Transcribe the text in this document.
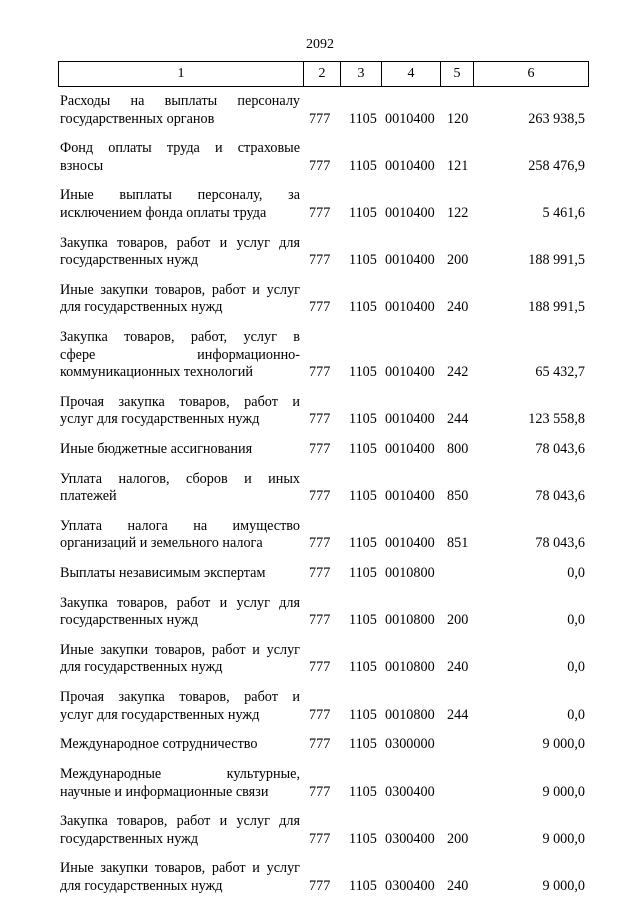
2092
1	2	3	4	5	6
Расходы на выплаты персоналу
государственных органов	777 1105 0010400 120	263 938,5
Фонд оплаты труда и страховые
взносы	777 1105 0010400 121	258 476,9
Иные выплаты персоналу, за
исключением фонда оплаты труда	777 1105 0010400 122	5 461,6
Закупка товаров, работ и услуг для
государственных нужд	777 1105 0010400 200	188 991,5
Иные закупки товаров, работ и услуг
для государственных нужд	777 1105 0010400 240	188 991,5
Закупка товаров, работ, услуг в
сфере информационно-
коммуникационных технологий	777 1105 0010400 242	65 432,7
Прочая закупка товаров, работ и
услуг для государственных нужд	777 1105 0010400 244	123 558,8
Иные бюджетные ассигнования	777 1105 0010400 800	78 043,6
Уплата налогов, сборов и иных
платежей	777 1105 0010400 850	78 043,6
Уплата налога на имущество
организаций и земельного налога	777 1105 0010400 851	78 043,6
Выплаты независимым экспертам	777 1105 0010800	0,0
Закупка товаров, работ и услуг для
государственных нужд	777 1105 0010800 200	0,0
Иные закупки товаров, работ и услуг
для государственных нужд	777 1105 0010800 240	0,0
Прочая закупка товаров, работ и
услуг для государственных нужд	777 1105 0010800 244	0,0
Международное сотрудничество	777 1105 0300000	9 000,0
Международные культурные,
научные и информационные связи	777 1105 0300400	9 000,0
Закупка товаров, работ и услуг для
государственных нужд	777 1105 0300400 200	9 000,0
Иные закупки товаров, работ и услуг
для государственных нужд	777 1105 0300400 240	9 000,0
